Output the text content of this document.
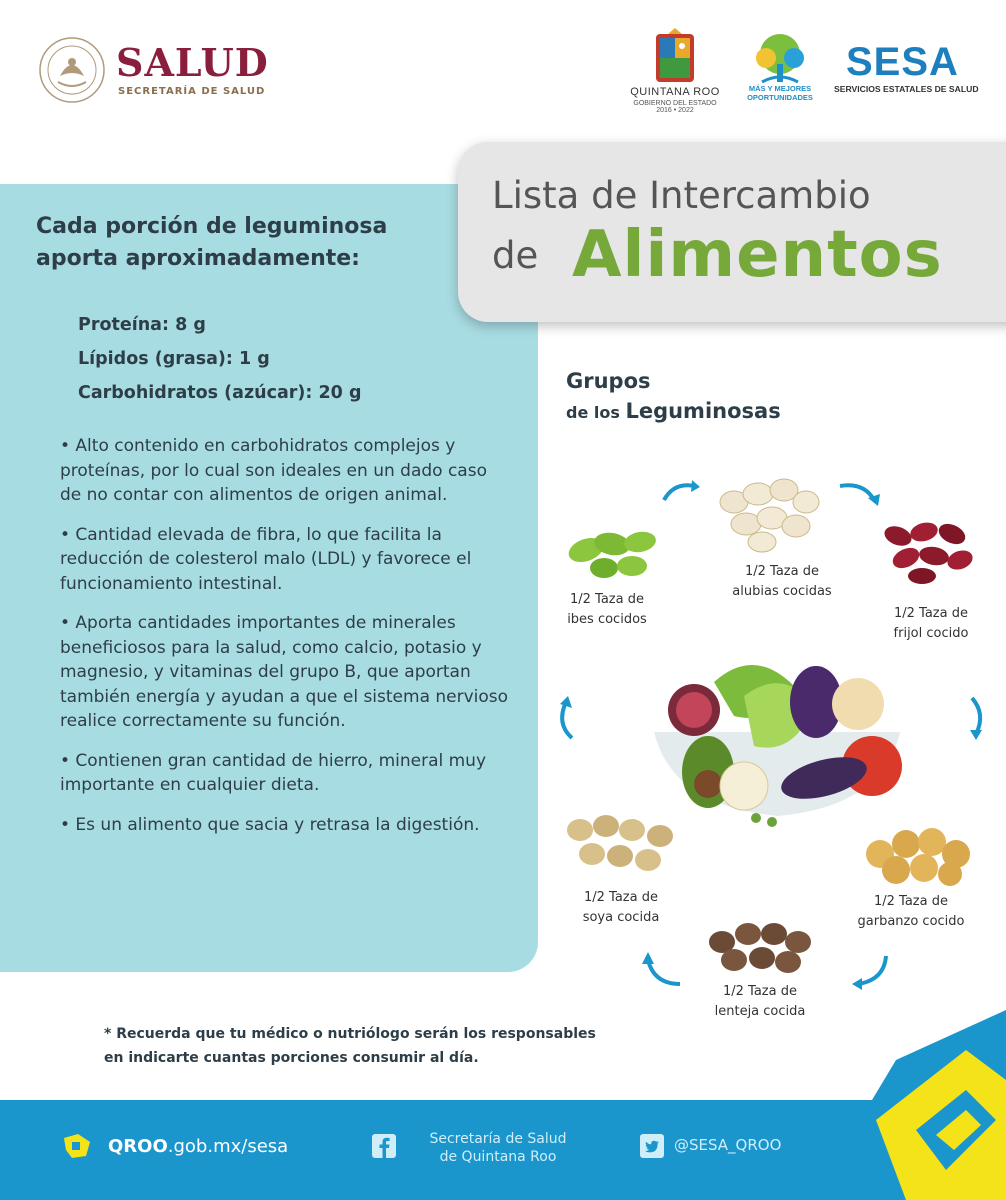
SALUD
SECRETARÍA DE SALUD	QUINTANA ROO
GOBIERNO DEL ESTADO
2016 • 2022
MÁS Y MEJORES
OPORTUNIDADES
SESA
SERVICIOS ESTATALES DE SALUD
Cada porción de leguminosa
aporta aproximadamente:
Proteína: 8 g
Lípidos (grasa): 1 g
Carbohidratos (azúcar): 20 g
• Alto contenido en carbohidratos complejos y proteínas, por lo cual son ideales en un dado caso de no contar con alimentos de origen animal.
• Cantidad elevada de fibra, lo que facilita la reducción de colesterol malo (LDL) y favorece el funcionamiento intestinal.
• Aporta cantidades importantes de minerales beneficiosos para la salud, como calcio, potasio y magnesio, y vitaminas del grupo B, que aportan también energía y ayudan a que el sistema nervioso realice correctamente su función.
• Contienen gran cantidad de hierro, mineral muy importante en cualquier dieta.
• Es un alimento que sacia y retrasa la digestión.
Lista de Intercambio
de Alimentos
Grupos
de los Leguminosas
1/2 Taza de
ibes cocidos
1/2 Taza de
alubias cocidas
1/2 Taza de
frijol cocido
1/2 Taza de
soya cocida
1/2 Taza de
garbanzo cocido
1/2 Taza de
lenteja cocida
* Recuerda que tu médico o nutriólogo serán los responsables
en indicarte cuantas porciones consumir al día.
QROO.gob.mx/sesa	Secretaría de Salud
de Quintana Roo
@SESA_QROO
